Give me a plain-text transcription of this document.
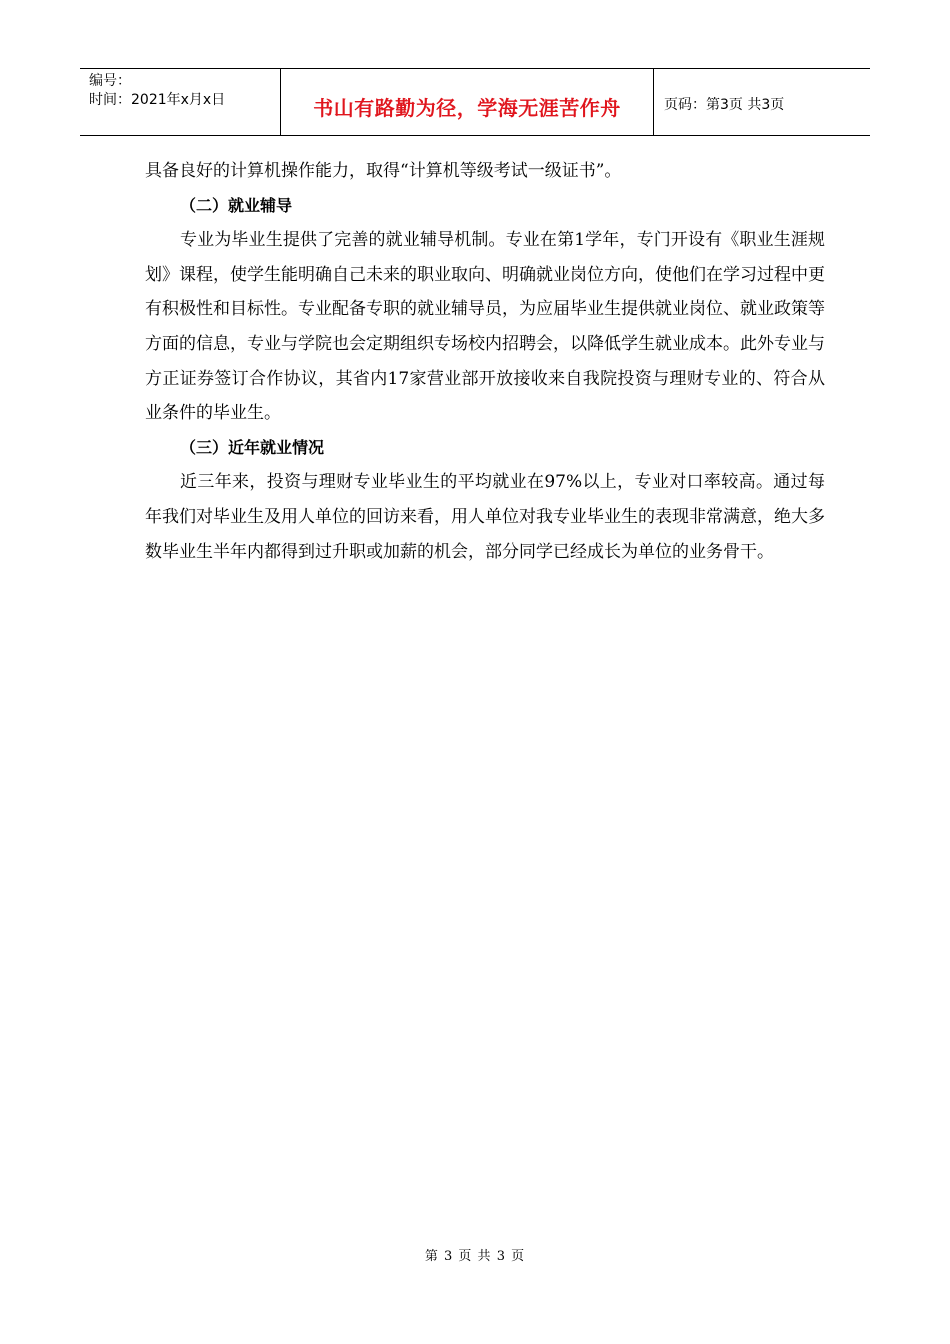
编号：
时间：2021年x月x日	书山有路勤为径，学海无涯苦作舟	页码：第3页 共3页

具备良好的计算机操作能力，取得“计算机等级考试一级证书”。

（二）就业辅导

专业为毕业生提供了完善的就业辅导机制。专业在第1学年，专门开设有《职业生涯规划》课程，使学生能明确自己未来的职业取向、明确就业岗位方向，使他们在学习过程中更有积极性和目标性。专业配备专职的就业辅导员，为应届毕业生提供就业岗位、就业政策等方面的信息，专业与学院也会定期组织专场校内招聘会，以降低学生就业成本。此外专业与方正证券签订合作协议，其省内17家营业部开放接收来自我院投资与理财专业的、符合从业条件的毕业生。

（三）近年就业情况

近三年来，投资与理财专业毕业生的平均就业在97%以上，专业对口率较高。通过每年我们对毕业生及用人单位的回访来看，用人单位对我专业毕业生的表现非常满意，绝大多数毕业生半年内都得到过升职或加薪的机会，部分同学已经成长为单位的业务骨干。

第 3 页 共 3 页
